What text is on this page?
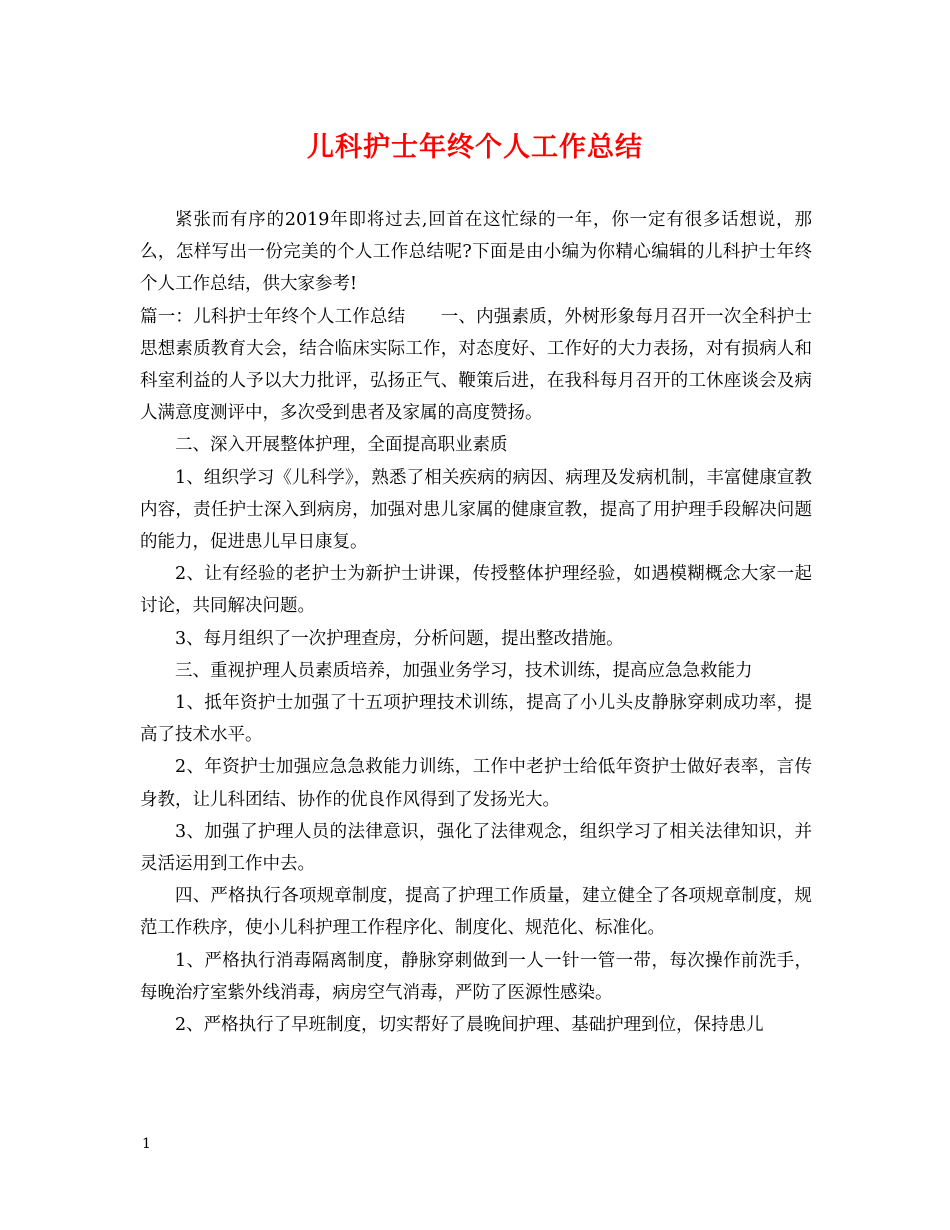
儿科护士年终个人工作总结

紧张而有序的2019年即将过去,回首在这忙绿的一年，你一定有很多话想说，那么，怎样写出一份完美的个人工作总结呢?下面是由小编为你精心编辑的儿科护士年终个人工作总结，供大家参考!

篇一：儿科护士年终个人工作总结　　一、内强素质，外树形象每月召开一次全科护士思想素质教育大会，结合临床实际工作，对态度好、工作好的大力表扬，对有损病人和科室利益的人予以大力批评，弘扬正气、鞭策后进，在我科每月召开的工休座谈会及病人满意度测评中，多次受到患者及家属的高度赞扬。

二、深入开展整体护理，全面提高职业素质

1、组织学习《儿科学》，熟悉了相关疾病的病因、病理及发病机制，丰富健康宣教内容，责任护士深入到病房，加强对患儿家属的健康宣教，提高了用护理手段解决问题的能力，促进患儿早日康复。

2、让有经验的老护士为新护士讲课，传授整体护理经验，如遇模糊概念大家一起讨论，共同解决问题。

3、每月组织了一次护理查房，分析问题，提出整改措施。

三、重视护理人员素质培养，加强业务学习，技术训练，提高应急急救能力

1、抵年资护士加强了十五项护理技术训练，提高了小儿头皮静脉穿刺成功率，提高了技术水平。

2、年资护士加强应急急救能力训练，工作中老护士给低年资护士做好表率，言传身教，让儿科团结、协作的优良作风得到了发扬光大。

3、加强了护理人员的法律意识，强化了法律观念，组织学习了相关法律知识，并灵活运用到工作中去。

四、严格执行各项规章制度，提高了护理工作质量，建立健全了各项规章制度，规范工作秩序，使小儿科护理工作程序化、制度化、规范化、标准化。

1、严格执行消毒隔离制度，静脉穿刺做到一人一针一管一带，每次操作前洗手，每晚治疗室紫外线消毒，病房空气消毒，严防了医源性感染。

2、严格执行了早班制度，切实帮好了晨晚间护理、基础护理到位，保持患儿

1
